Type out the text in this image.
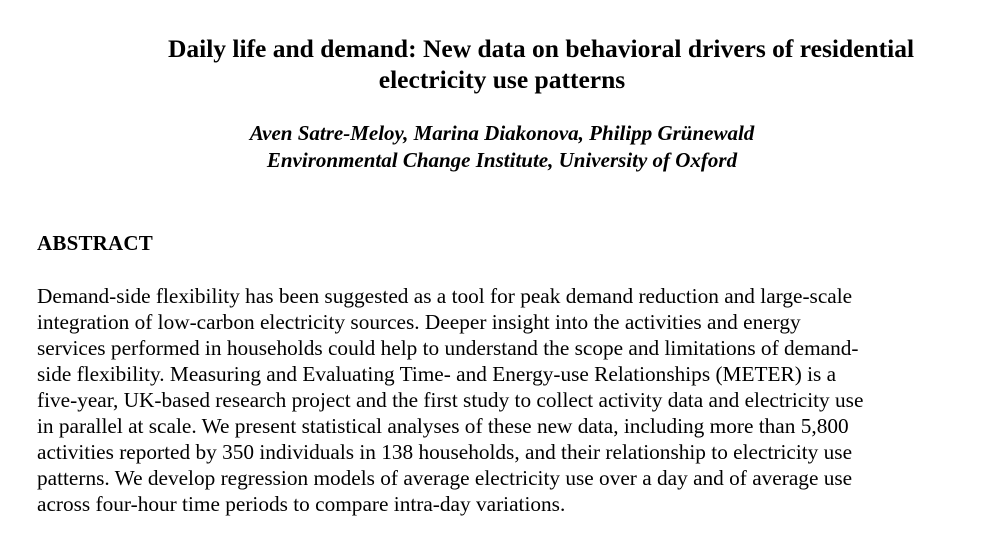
Daily life and demand: New data on behavioral drivers of residential
electricity use patterns
Aven Satre-Meloy, Marina Diakonova, Philipp Grünewald
Environmental Change Institute, University of Oxford
ABSTRACT
Demand-side flexibility has been suggested as a tool for peak demand reduction and large-scale
integration of low-carbon electricity sources. Deeper insight into the activities and energy
services performed in households could help to understand the scope and limitations of demand-
side flexibility. Measuring and Evaluating Time- and Energy-use Relationships (METER) is a
five-year, UK-based research project and the first study to collect activity data and electricity use
in parallel at scale. We present statistical analyses of these new data, including more than 5,800
activities reported by 350 individuals in 138 households, and their relationship to electricity use
patterns. We develop regression models of average electricity use over a day and of average use
across four-hour time periods to compare intra-day variations.
